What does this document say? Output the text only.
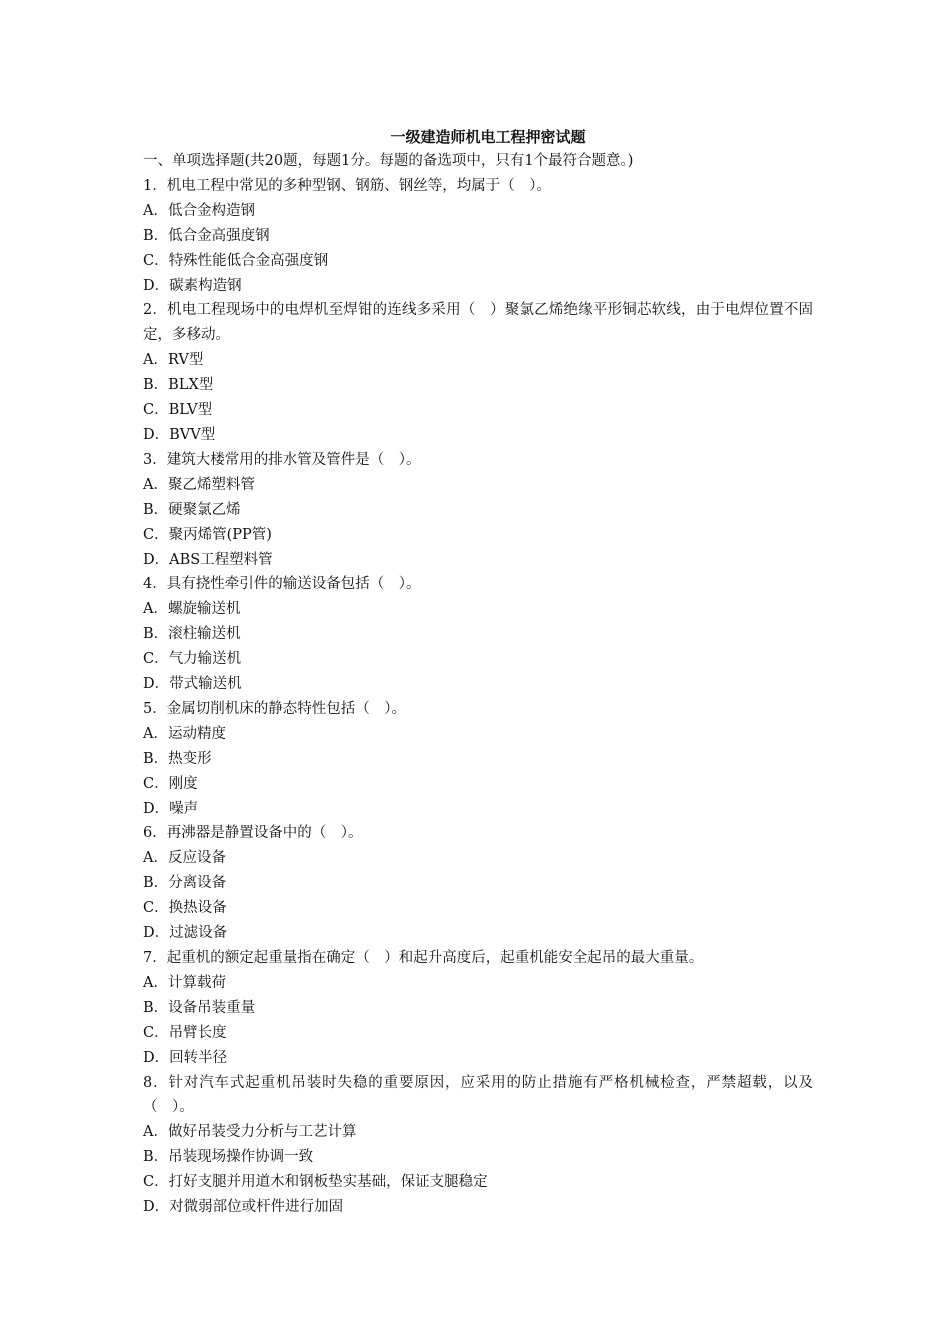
一级建造师机电工程押密试题

一、单项选择题(共20题，每题1分。每题的备选项中，只有1个最符合题意。)

1．机电工程中常见的多种型钢、钢筋、钢丝等，均属于（　）。

A．低合金构造钢

B．低合金高强度钢

C．特殊性能低合金高强度钢

D．碳素构造钢

2．机电工程现场中的电焊机至焊钳的连线多采用（　）聚氯乙烯绝缘平形铜芯软线，由于电焊位置不固定，多移动。

A．RV型

B．BLX型

C．BLV型

D．BVV型

3．建筑大楼常用的排水管及管件是（　）。

A．聚乙烯塑料管

B．硬聚氯乙烯

C．聚丙烯管(PP管)

D．ABS工程塑料管

4．具有挠性牵引件的输送设备包括（　）。

A．螺旋输送机

B．滚柱输送机

C．气力输送机

D．带式输送机

5．金属切削机床的静态特性包括（　）。

A．运动精度

B．热变形

C．刚度

D．噪声

6．再沸器是静置设备中的（　）。

A．反应设备

B．分离设备

C．换热设备

D．过滤设备

7．起重机的额定起重量指在确定（　）和起升高度后，起重机能安全起吊的最大重量。

A．计算载荷

B．设备吊装重量

C．吊臂长度

D．回转半径

8．针对汽车式起重机吊装时失稳的重要原因，应采用的防止措施有严格机械检查，严禁超载，以及（　）。

A．做好吊装受力分析与工艺计算

B．吊装现场操作协调一致

C．打好支腿并用道木和钢板垫实基础，保证支腿稳定

D．对微弱部位或杆件进行加固
